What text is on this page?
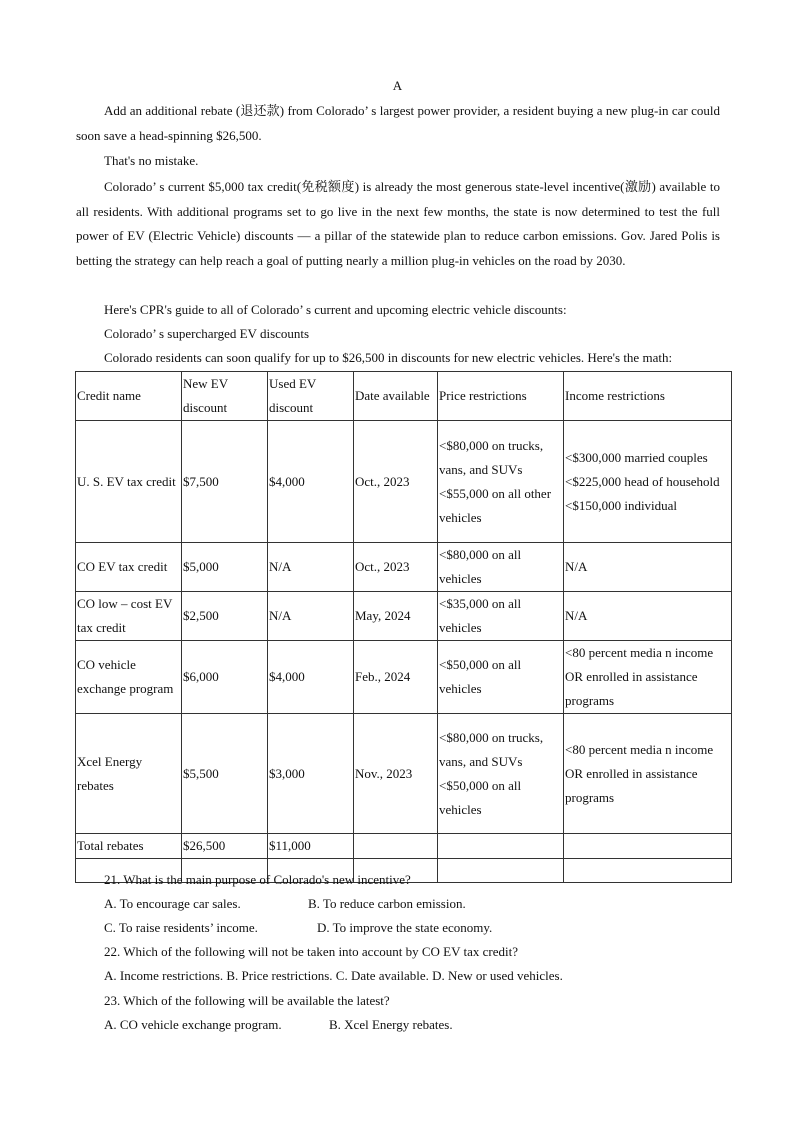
A
Add an additional rebate (退还款) from Colorado’ s largest power provider, a resident buying a new plug-in car could soon save a head-spinning $26,500.
That's no mistake.
Colorado’ s current $5,000 tax credit(免税额度) is already the most generous state-level incentive(激励) available to all residents. With additional programs set to go live in the next few months, the state is now determined to test the full power of EV (Electric Vehicle) discounts — a pillar of the statewide plan to reduce carbon emissions. Gov. Jared Polis is betting the strategy can help reach a goal of putting nearly a million plug-in vehicles on the road by 2030.
Here's CPR's guide to all of Colorado’ s current and upcoming electric vehicle discounts:
Colorado’ s supercharged EV discounts
Colorado residents can soon qualify for up to $26,500 in discounts for new electric vehicles. Here's the math:
Credit name	New EV discount	Used EV discount	Date available	Price restrictions	Income restrictions
U. S. EV tax credit	$7,500	$4,000	Oct., 2023	<$80,000 on trucks, vans, and SUVs <$55,000 on all other vehicles	<$300,000 married couples <$225,000 head of household <$150,000 individual
CO EV tax credit	$5,000	N/A	Oct., 2023	<$80,000 on all vehicles	N/A
CO low – cost EV tax credit	$2,500	N/A	May, 2024	<$35,000 on all vehicles	N/A
CO vehicle exchange program	$6,000	$4,000	Feb., 2024	<$50,000 on all vehicles	<80 percent media n income OR enrolled in assistance programs
Xcel Energy rebates	$5,500	$3,000	Nov., 2023	<$80,000 on trucks, vans, and SUVs <$50,000 on all vehicles	<80 percent media n income OR enrolled in assistance programs
Total rebates	$26,500	$11,000			

21. What is the main purpose of Colorado's new incentive?
A. To encourage car sales.	B. To reduce carbon emission.
C. To raise residents’ income.	D. To improve the state economy.
22. Which of the following will not be taken into account by CO EV tax credit?
A. Income restrictions. B. Price restrictions. C. Date available. D. New or used vehicles.
23. Which of the following will be available the latest?
A. CO vehicle exchange program.	B. Xcel Energy rebates.
